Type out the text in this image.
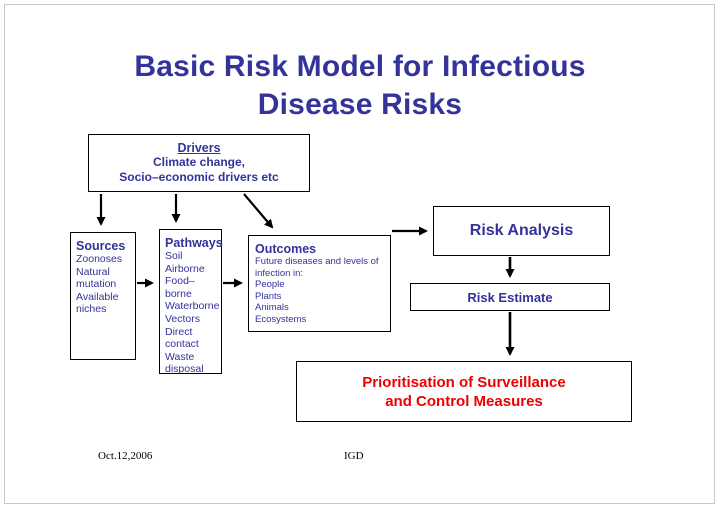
Basic Risk Model for Infectious
Disease Risks
Drivers
Climate change,
Socio–economic drivers etc
Sources
Zoonoses
Natural
mutation
Available
niches
Pathways
Soil
Airborne
Food–borne
Waterborne
Vectors
Direct contact
Waste
disposal
Outcomes
Future diseases and levels of
infection in:
People
Plants
Animals
Ecosystems
Risk Analysis
Risk Estimate
Prioritisation of Surveillance
and Control Measures
Oct.12,2006	IGD
